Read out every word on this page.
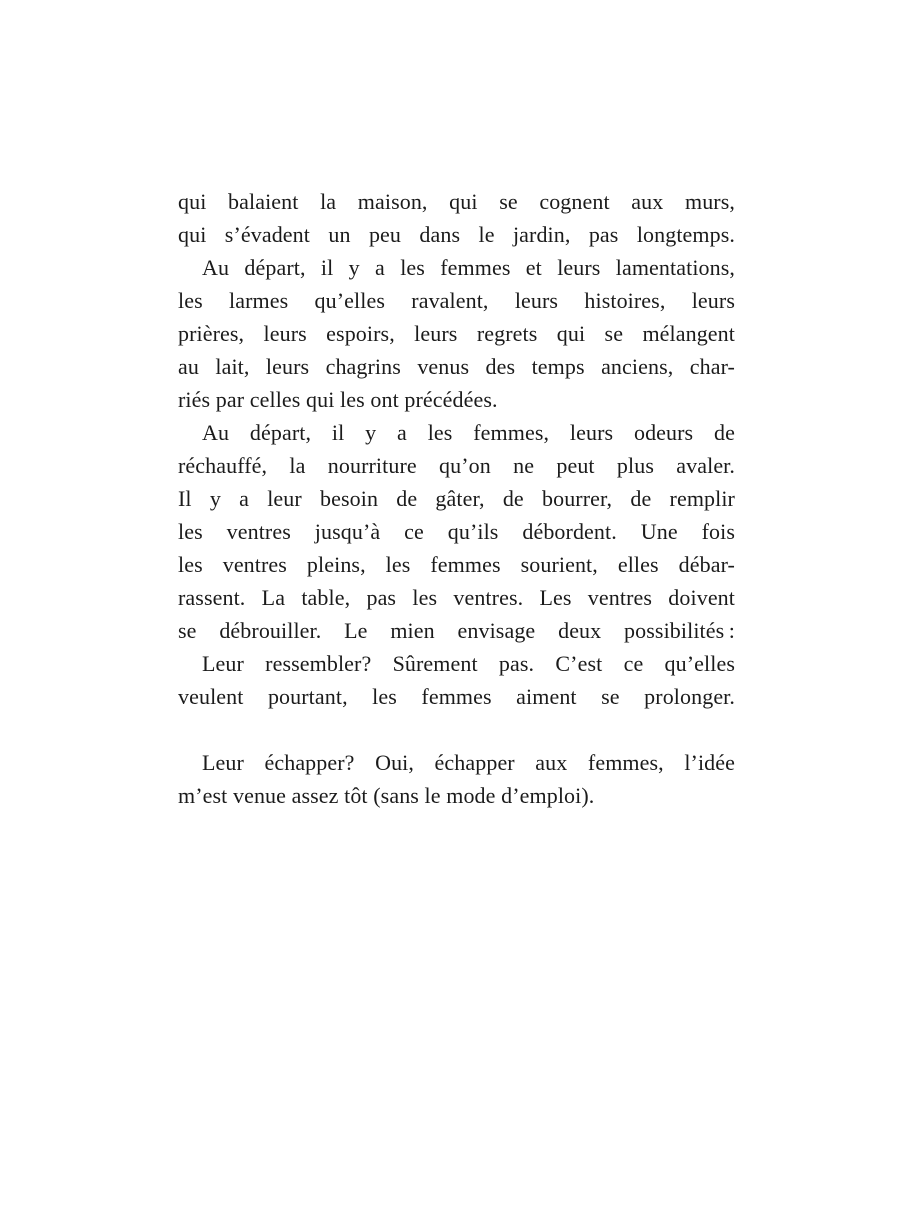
qui balaient la maison, qui se cognent aux murs,
qui s’évadent un peu dans le jardin, pas longtemps.
Au départ, il y a les femmes et leurs lamentations,
les larmes qu’elles ravalent, leurs histoires, leurs
prières, leurs espoirs, leurs regrets qui se mélangent
au lait, leurs chagrins venus des temps anciens, char-
riés par celles qui les ont précédées.
Au départ, il y a les femmes, leurs odeurs de
réchauffé, la nourriture qu’on ne peut plus avaler.
Il y a leur besoin de gâter, de bourrer, de remplir
les ventres jusqu’à ce qu’ils débordent. Une fois
les ventres pleins, les femmes sourient, elles débar-
rassent. La table, pas les ventres. Les ventres doivent
se débrouiller. Le mien envisage deux possibilités :
Leur ressembler? Sûrement pas. C’est ce qu’elles
veulent pourtant, les femmes aiment se prolonger.
Leur échapper? Oui, échapper aux femmes, l’idée
m’est venue assez tôt (sans le mode d’emploi).
